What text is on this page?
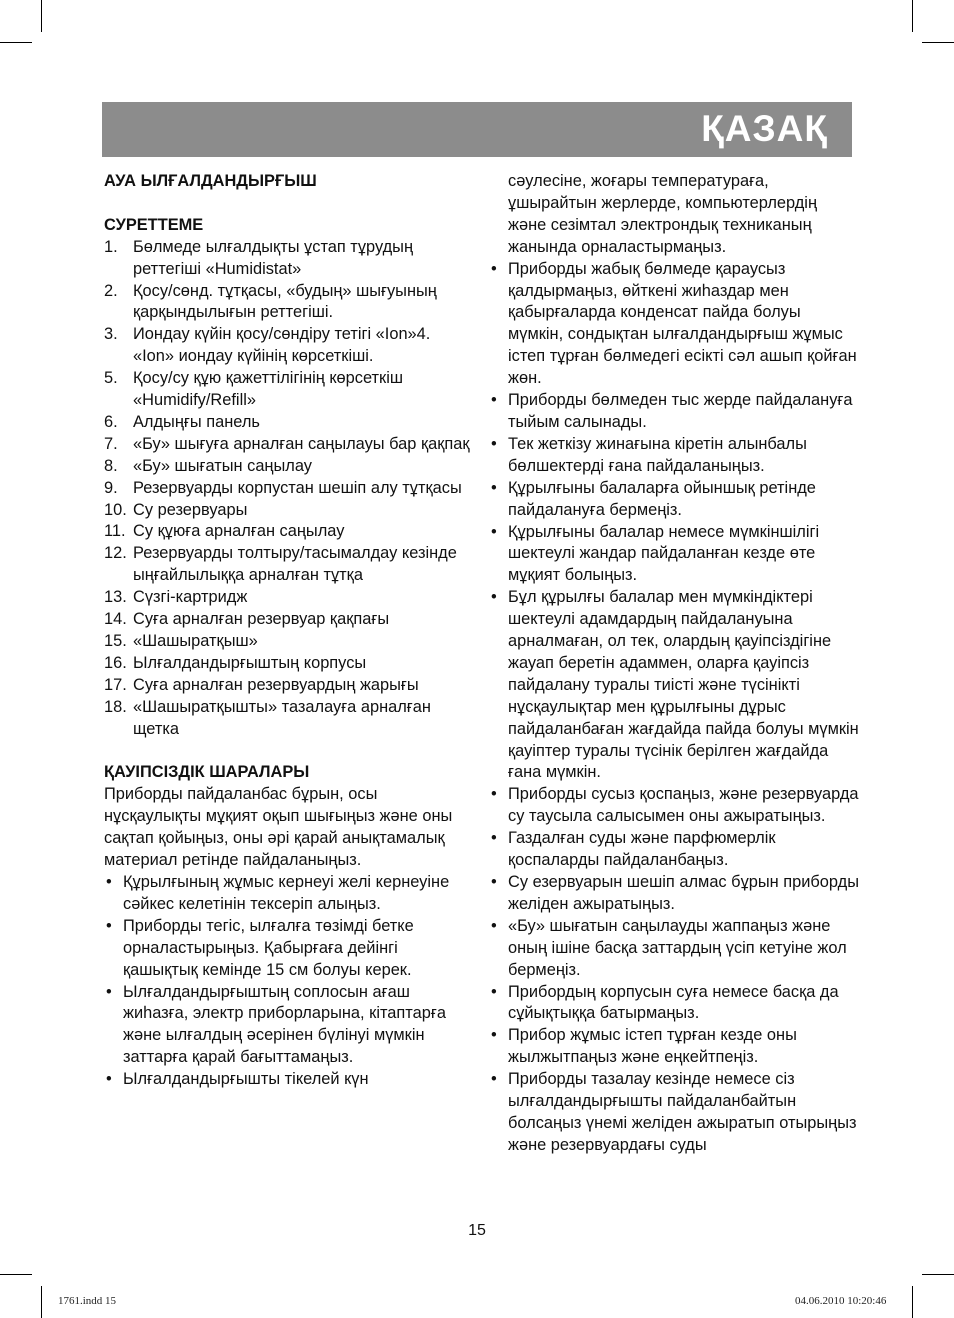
ҚАЗАҚ
АУА ЫЛҒАЛДАНДЫРҒЫШ
СУРЕТТЕМЕ
1. Бөлмеде ылғалдықты ұстап тұрудың реттегіші «Humidistat»
2. Қосу/сөнд. тұтқасы, «будың» шығуының қарқындылығын реттегіші.
3. Иондау күйін қосу/сөндіру тетігі «Ion»4. «Ion» иондау күйінің көрсеткіші.
5. Қосу/су құю қажеттілігінің көрсеткіш «Humidify/Refill»
6. Алдыңғы панель
7. «Бу» шығуға арналған саңылауы бар қақпақ
8. «Бу» шығатын саңылау
9. Резервуарды корпустан шешіп алу тұтқасы
10. Су резервуары
11. Су құюға арналған саңылау
12. Резервуарды толтыру/тасымалдау кезінде ыңғайлылыққа арналған тұтқа
13. Сүзгі-картридж
14. Суға арналған резервуар қақпағы
15. «Шашыратқыш»
16. Ылғалдандырғыштың корпусы
17. Суға арналған резервуардың жарығы
18. «Шашыратқышты» тазалауға арналған щетка
ҚАУІПСІЗДІК ШАРАЛАРЫ
Приборды пайдаланбас бұрын, осы нұсқаулықты мұқият оқып шығыңыз және оны сақтап қойыңыз, оны әрі қарай анықтамалық материал ретінде пайдаланыңыз.
• Құрылғының жұмыс кернеуі желі кернеуіне сәйкес келетінін тексеріп алыңыз.
• Приборды тегіс, ылғалға төзімді бетке орналастырыңыз. Қабырғаға дейінгі қашықтық кемінде 15 см болуы керек.
• Ылғалдандырғыштың соплосын ағаш жиһазға, электр приборларына, кітаптарға және ылғалдың әсерінен бүлінуі мүмкін заттарға қарай бағыттамаңыз.
• Ылғалдандырғышты тікелей күн
сәулесіне, жоғары температураға, ұшырайтын жерлерде, компьютерлердің және сезімтал электрондық техниканың жанында орналастырмаңыз.
• Приборды жабық бөлмеде қараусыз қалдырмаңыз, өйткені жиһаздар мен қабырғаларда конденсат пайда болуы мүмкін, сондықтан ылғалдандырғыш жұмыс істеп тұрған бөлмедегі есікті сәл ашып қойған жөн.
• Приборды бөлмеден тыс жерде пайдалануға тыйым салынады.
• Тек жеткізу жинағына кіретін алынбалы бөлшектерді ғана пайдаланыңыз.
• Құрылғыны балаларға ойыншық ретінде пайдалануға бермеңіз.
• Құрылғыны балалар немесе мүмкіншілігі шектеулі жандар пайдаланған кезде өте мұқият болыңыз.
• Бұл құрылғы балалар мен мүмкіндіктері шектеулі адамдардың пайдалануына арналмаған, ол тек, олардың қауіпсіздігіне жауап беретін адаммен, оларға қауіпсіз пайдалану туралы тиісті және түсінікті нұсқаулықтар мен құрылғыны дұрыс пайдаланбаған жағдайда пайда болуы мүмкін қауіптер туралы түсінік берілген жағдайда ғана мүмкін.
• Приборды сусыз қоспаңыз, және резервуарда су таусыла салысымен оны ажыратыңыз.
• Газдалған суды және парфюмерлік қоспаларды пайдаланбаңыз.
• Су езервуарын шешіп алмас бұрын приборды желіден ажыратыңыз.
• «Бу» шығатын саңылауды жаппаңыз және оның ішіне басқа заттардың үсіп кетуіне жол бермеңіз.
• Прибордың корпусын суға немесе басқа да сұйықтыққа батырмаңыз.
• Прибор жұмыс істеп тұрған кезде оны жылжытпаңыз және еңкейтпеңіз.
• Приборды тазалау кезінде немесе сіз ылғалдандырғышты пайдаланбайтын болсаңыз үнемі желіден ажыратып отырыңыз және резервуардағы суды
15
1761.indd 15	04.06.2010 10:20:46
